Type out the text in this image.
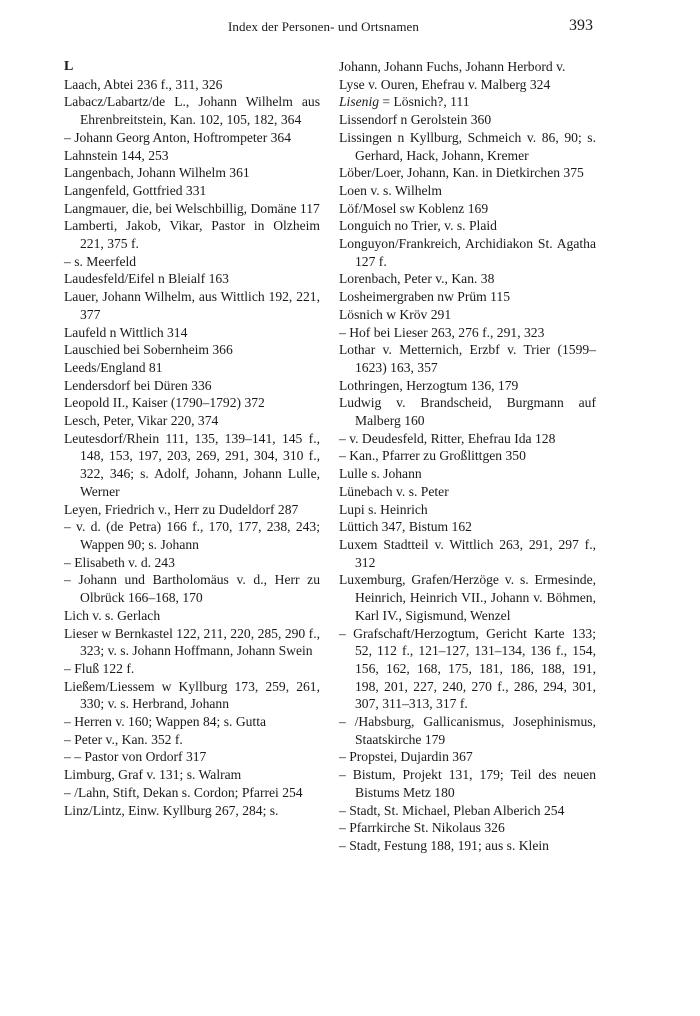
Index der Personen- und Ortsnamen	393
L
Laach, Abtei 236 f., 311, 326
Labacz/Labartz/de L., Johann Wilhelm aus Ehrenbreitstein, Kan. 102, 105, 182, 364
– Johann Georg Anton, Hoftrompeter 364
Lahnstein 144, 253
Langenbach, Johann Wilhelm 361
Langenfeld, Gottfried 331
Langmauer, die, bei Welschbillig, Domäne 117
Lamberti, Jakob, Vikar, Pastor in Olzheim 221, 375 f.
– s. Meerfeld
Laudesfeld/Eifel n Bleialf 163
Lauer, Johann Wilhelm, aus Wittlich 192, 221, 377
Laufeld n Wittlich 314
Lauschied bei Sobernheim 366
Leeds/England 81
Lendersdorf bei Düren 336
Leopold II., Kaiser (1790–1792) 372
Lesch, Peter, Vikar 220, 374
Leutesdorf/Rhein 111, 135, 139–141, 145 f., 148, 153, 197, 203, 269, 291, 304, 310 f., 322, 346; s. Adolf, Johann, Johann Lulle, Werner
Leyen, Friedrich v., Herr zu Dudeldorf 287
– v. d. (de Petra) 166 f., 170, 177, 238, 243; Wappen 90; s. Johann
– Elisabeth v. d. 243
– Johann und Bartholomäus v. d., Herr zu Olbrück 166–168, 170
Lich v. s. Gerlach
Lieser w Bernkastel 122, 211, 220, 285, 290 f., 323; v. s. Johann Hoffmann, Johann Swein
– Fluß 122 f.
Ließem/Liessem w Kyllburg 173, 259, 261, 330; v. s. Herbrand, Johann
– Herren v. 160; Wappen 84; s. Gutta
– Peter v., Kan. 352 f.
– – Pastor von Ordorf 317
Limburg, Graf v. 131; s. Walram
– /Lahn, Stift, Dekan s. Cordon; Pfarrei 254
Linz/Lintz, Einw. Kyllburg 267, 284; s.
Johann, Johann Fuchs, Johann Herbord v.
Lyse v. Ouren, Ehefrau v. Malberg 324
Lisenig = Lösnich?, 111
Lissendorf n Gerolstein 360
Lissingen n Kyllburg, Schmeich v. 86, 90; s. Gerhard, Hack, Johann, Kremer
Löber/Loer, Johann, Kan. in Dietkirchen 375
Loen v. s. Wilhelm
Löf/Mosel sw Koblenz 169
Longuich no Trier, v. s. Plaid
Longuyon/Frankreich, Archidiakon St. Agatha 127 f.
Lorenbach, Peter v., Kan. 38
Losheimergraben nw Prüm 115
Lösnich w Kröv 291
– Hof bei Lieser 263, 276 f., 291, 323
Lothar v. Metternich, Erzbf v. Trier (1599–1623) 163, 357
Lothringen, Herzogtum 136, 179
Ludwig v. Brandscheid, Burgmann auf Malberg 160
– v. Deudesfeld, Ritter, Ehefrau Ida 128
– Kan., Pfarrer zu Großlittgen 350
Lulle s. Johann
Lünebach v. s. Peter
Lupi s. Heinrich
Lüttich 347, Bistum 162
Luxem Stadtteil v. Wittlich 263, 291, 297 f., 312
Luxemburg, Grafen/Herzöge v. s. Ermesinde, Heinrich, Heinrich VII., Johann v. Böhmen, Karl IV., Sigismund, Wenzel
– Grafschaft/Herzogtum, Gericht Karte 133; 52, 112 f., 121–127, 131–134, 136 f., 154, 156, 162, 168, 175, 181, 186, 188, 191, 198, 201, 227, 240, 270 f., 286, 294, 301, 307, 311–313, 317 f.
– /Habsburg, Gallicanismus, Josephinismus, Staatskirche 179
– Propstei, Dujardin 367
– Bistum, Projekt 131, 179; Teil des neuen Bistums Metz 180
– Stadt, St. Michael, Pleban Alberich 254
– Pfarrkirche St. Nikolaus 326
– Stadt, Festung 188, 191; aus s. Klein
